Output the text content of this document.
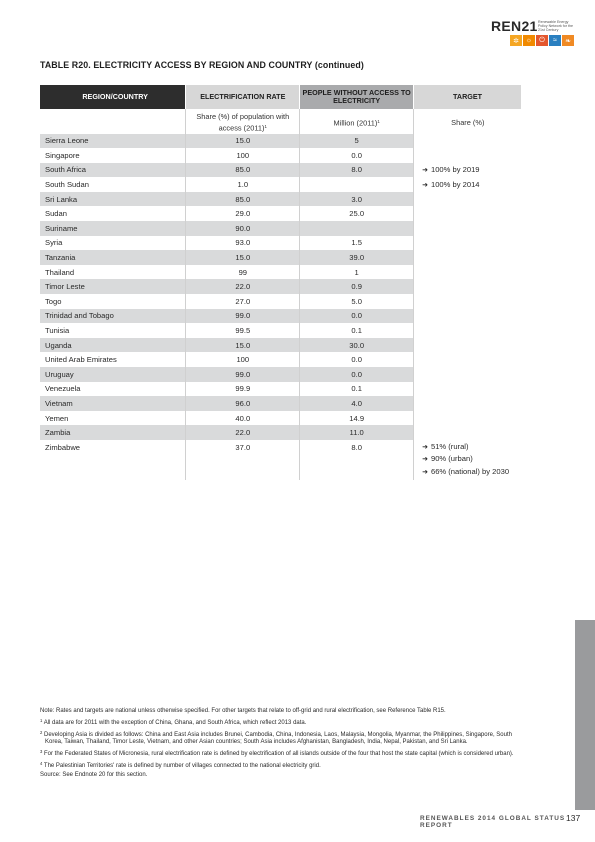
REN21 Renewable Energy Policy Network for the 21st Century
✲ ☼	⏻	≈	❧
TABLE R20. ELECTRICITY ACCESS BY REGION AND COUNTRY (continued)
REGION/COUNTRY	ELECTRIFICATION RATE	PEOPLE WITHOUT ACCESS TO ELECTRICITY	TARGET
	Share (%) of population with access $(2011)^1$	Million $(2011)^1$	Share (%)
Sierra Leone	15.0	5	
Singapore	100	0.0	
South Africa	85.0	8.0	➜ 100% by 2019

South Sudan	1.0		➜ 100% by 2014

Sri Lanka	85.0	3.0	
Sudan	29.0	25.0	
Suriname	90.0		
Syria	93.0	1.5	
Tanzania	15.0	39.0	
Thailand	99	1	
Timor Leste	22.0	0.9	
Togo	27.0	5.0	
Trinidad and Tobago	99.0	0.0	
Tunisia	99.5	0.1	
Uganda	15.0	30.0	
United Arab Emirates	100	0.0	
Uruguay	99.0	0.0	
Venezuela	99.9	0.1	
Vietnam	96.0	4.0	
Yemen	40.0	14.9	
Zambia	22.0	11.0	
Zimbabwe	37.0	8.0	➜ 51% (rural)
➜ 90% (urban)
➜ 66% (national) by 2030

Note: Rates and targets are national unless otherwise specified. For other targets that relate to off-grid and rural electrification, see Reference Table R15.

$^1$ All data are for 2011 with the exception of China, Ghana, and South Africa, which reflect 2013 data.

$^2$ Developing Asia is divided as follows: China and East Asia includes Brunei, Cambodia, China, Indonesia, Laos, Malaysia, Mongolia, Myanmar, the Philippines, Singapore, South Korea, Taiwan, Thailand, Timor Leste, Vietnam, and other Asian countries; South Asia includes Afghanistan, Bangladesh, India, Nepal, Pakistan, and Sri Lanka.

$^3$ For the Federated States of Micronesia, rural electrification rate is defined by electrification of all islands outside of the four that host the state capital (which is considered urban).

$^4$ The Palestinian Territories' rate is defined by number of villages connected to the national electricity grid.

Source: See Endnote 20 for this section.

RENEWABLES 2014 GLOBAL STATUS REPORT
137
